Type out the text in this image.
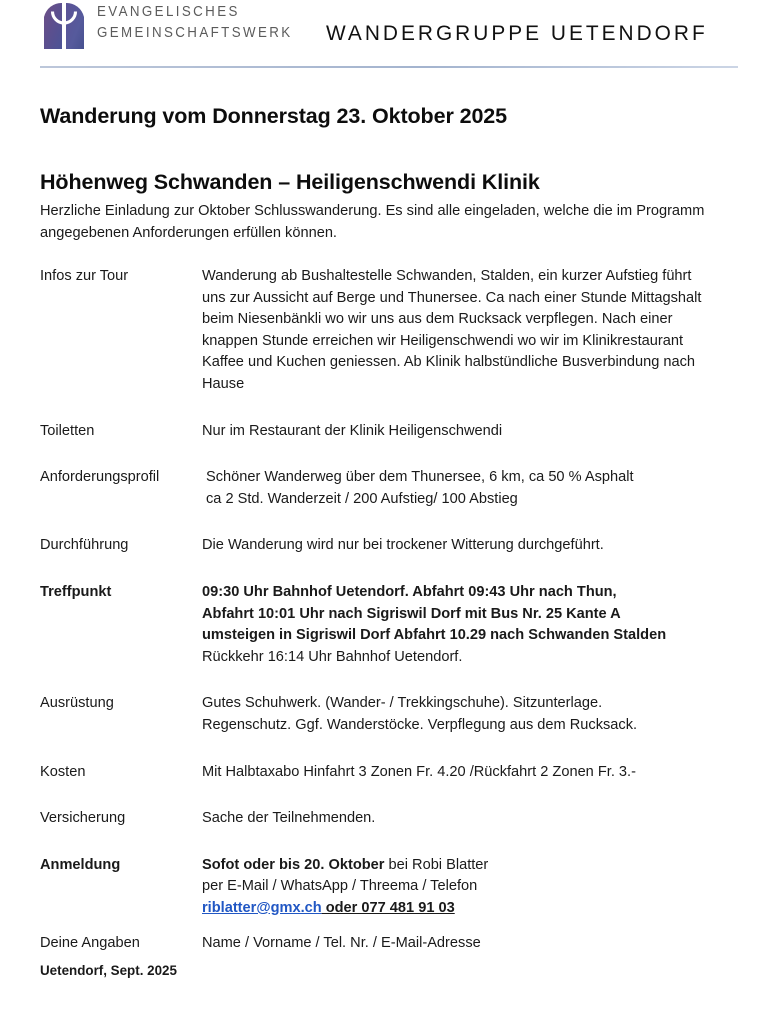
EVANGELISCHES
GEMEINSCHAFTSWERK WANDERGRUPPE UETENDORF
Wanderung vom Donnerstag 23. Oktober 2025
Höhenweg Schwanden – Heiligenschwendi Klinik
Herzliche Einladung zur Oktober Schlusswanderung. Es sind alle eingeladen, welche die im Programm angegebenen Anforderungen erfüllen können.
Infos zur Tour	Wanderung ab Bushaltestelle Schwanden, Stalden, ein kurzer Aufstieg führt
uns zur Aussicht auf Berge und Thunersee. Ca nach einer Stunde Mittagshalt
beim Niesenbänkli wo wir uns aus dem Rucksack verpflegen. Nach einer
knappen Stunde erreichen wir Heiligenschwendi wo wir im Klinikrestaurant
Kaffee und Kuchen geniessen. Ab Klinik halbstündliche Busverbindung nach
Hause
Toiletten	Nur im Restaurant der Klinik Heiligenschwendi
Anforderungsprofil	Schöner Wanderweg über dem Thunersee, 6 km, ca 50 % Asphalt
ca 2 Std. Wanderzeit / 200 Aufstieg/ 100 Abstieg
Durchführung	Die Wanderung wird nur bei trockener Witterung durchgeführt.
Treffpunkt	09:30 Uhr Bahnhof Uetendorf. Abfahrt 09:43 Uhr nach Thun,
Abfahrt 10:01 Uhr nach Sigriswil Dorf mit Bus Nr. 25 Kante A
umsteigen in Sigriswil Dorf Abfahrt 10.29 nach Schwanden Stalden
Rückkehr 16:14 Uhr Bahnhof Uetendorf.
Ausrüstung	Gutes Schuhwerk. (Wander- / Trekkingschuhe). Sitzunterlage.
Regenschutz. Ggf. Wanderstöcke. Verpflegung aus dem Rucksack.
Kosten	Mit Halbtaxabo Hinfahrt 3 Zonen Fr. 4.20 /Rückfahrt 2 Zonen Fr. 3.-
Versicherung	Sache der Teilnehmenden.
Anmeldung	Sofot oder bis 20. Oktober bei Robi Blatter
per E-Mail / WhatsApp / Threema / Telefon
riblatter@gmx.ch oder 077 481 91 03
Deine Angaben	Name / Vorname / Tel. Nr. / E-Mail-Adresse
Uetendorf, Sept. 2025
